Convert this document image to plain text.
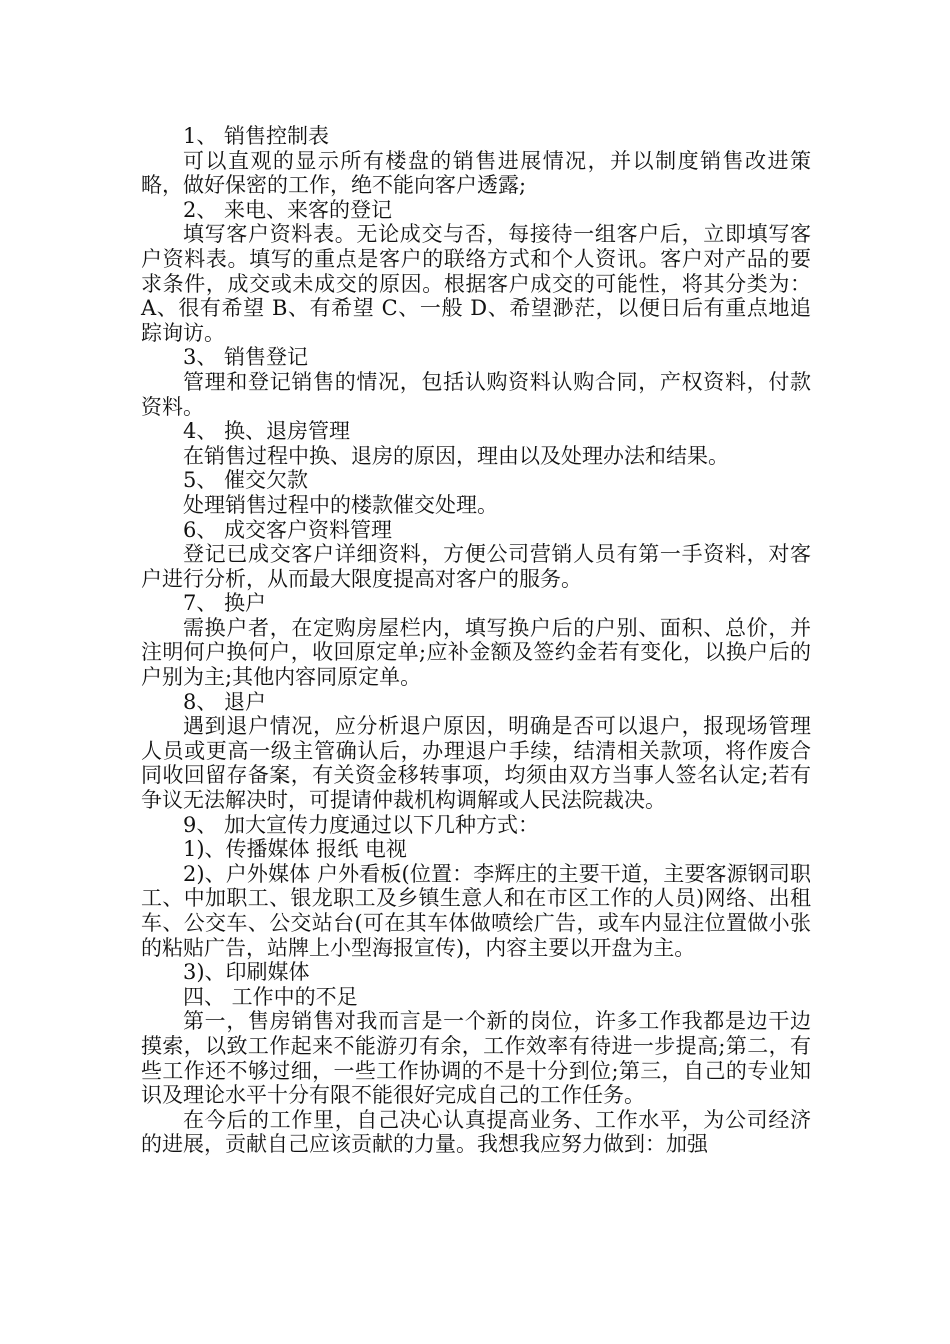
1、 销售控制表

可以直观的显示所有楼盘的销售进展情况，并以制度销售改进策略，做好保密的工作，绝不能向客户透露;

2、 来电、来客的登记

填写客户资料表。无论成交与否，每接待一组客户后，立即填写客户资料表。填写的重点是客户的联络方式和个人资讯。客户对产品的要求条件，成交或未成交的原因。根据客户成交的可能性，将其分类为：A、很有希望 B、有希望 C、一般 D、希望渺茫，以便日后有重点地追踪询访。

3、 销售登记

管理和登记销售的情况，包括认购资料认购合同，产权资料，付款资料。

4、 换、退房管理

在销售过程中换、退房的原因，理由以及处理办法和结果。

5、 催交欠款

处理销售过程中的楼款催交处理。

6、 成交客户资料管理

登记已成交客户详细资料，方便公司营销人员有第一手资料，对客户进行分析，从而最大限度提高对客户的服务。

7、 换户

需换户者，在定购房屋栏内，填写换户后的户别、面积、总价，并注明何户换何户，收回原定单;应补金额及签约金若有变化，以换户后的户别为主;其他内容同原定单。

8、 退户

遇到退户情况，应分析退户原因，明确是否可以退户，报现场管理人员或更高一级主管确认后，办理退户手续，结清相关款项，将作废合同收回留存备案，有关资金移转事项，均须由双方当事人签名认定;若有争议无法解决时，可提请仲裁机构调解或人民法院裁决。

9、 加大宣传力度通过以下几种方式：

1)、传播媒体 报纸 电视

2)、户外媒体 户外看板(位置：李辉庄的主要干道，主要客源钢司职工、中加职工、银龙职工及乡镇生意人和在市区工作的人员)网络、出租车、公交车、公交站台(可在其车体做喷绘广告，或车内显注位置做小张的粘贴广告，站牌上小型海报宣传)，内容主要以开盘为主。

3)、印刷媒体

四、 工作中的不足

第一，售房销售对我而言是一个新的岗位，许多工作我都是边干边摸索，以致工作起来不能游刃有余，工作效率有待进一步提高;第二，有些工作还不够过细，一些工作协调的不是十分到位;第三，自己的专业知识及理论水平十分有限不能很好完成自己的工作任务。

在今后的工作里，自己决心认真提高业务、工作水平，为公司经济的进展，贡献自己应该贡献的力量。我想我应努力做到：加强
